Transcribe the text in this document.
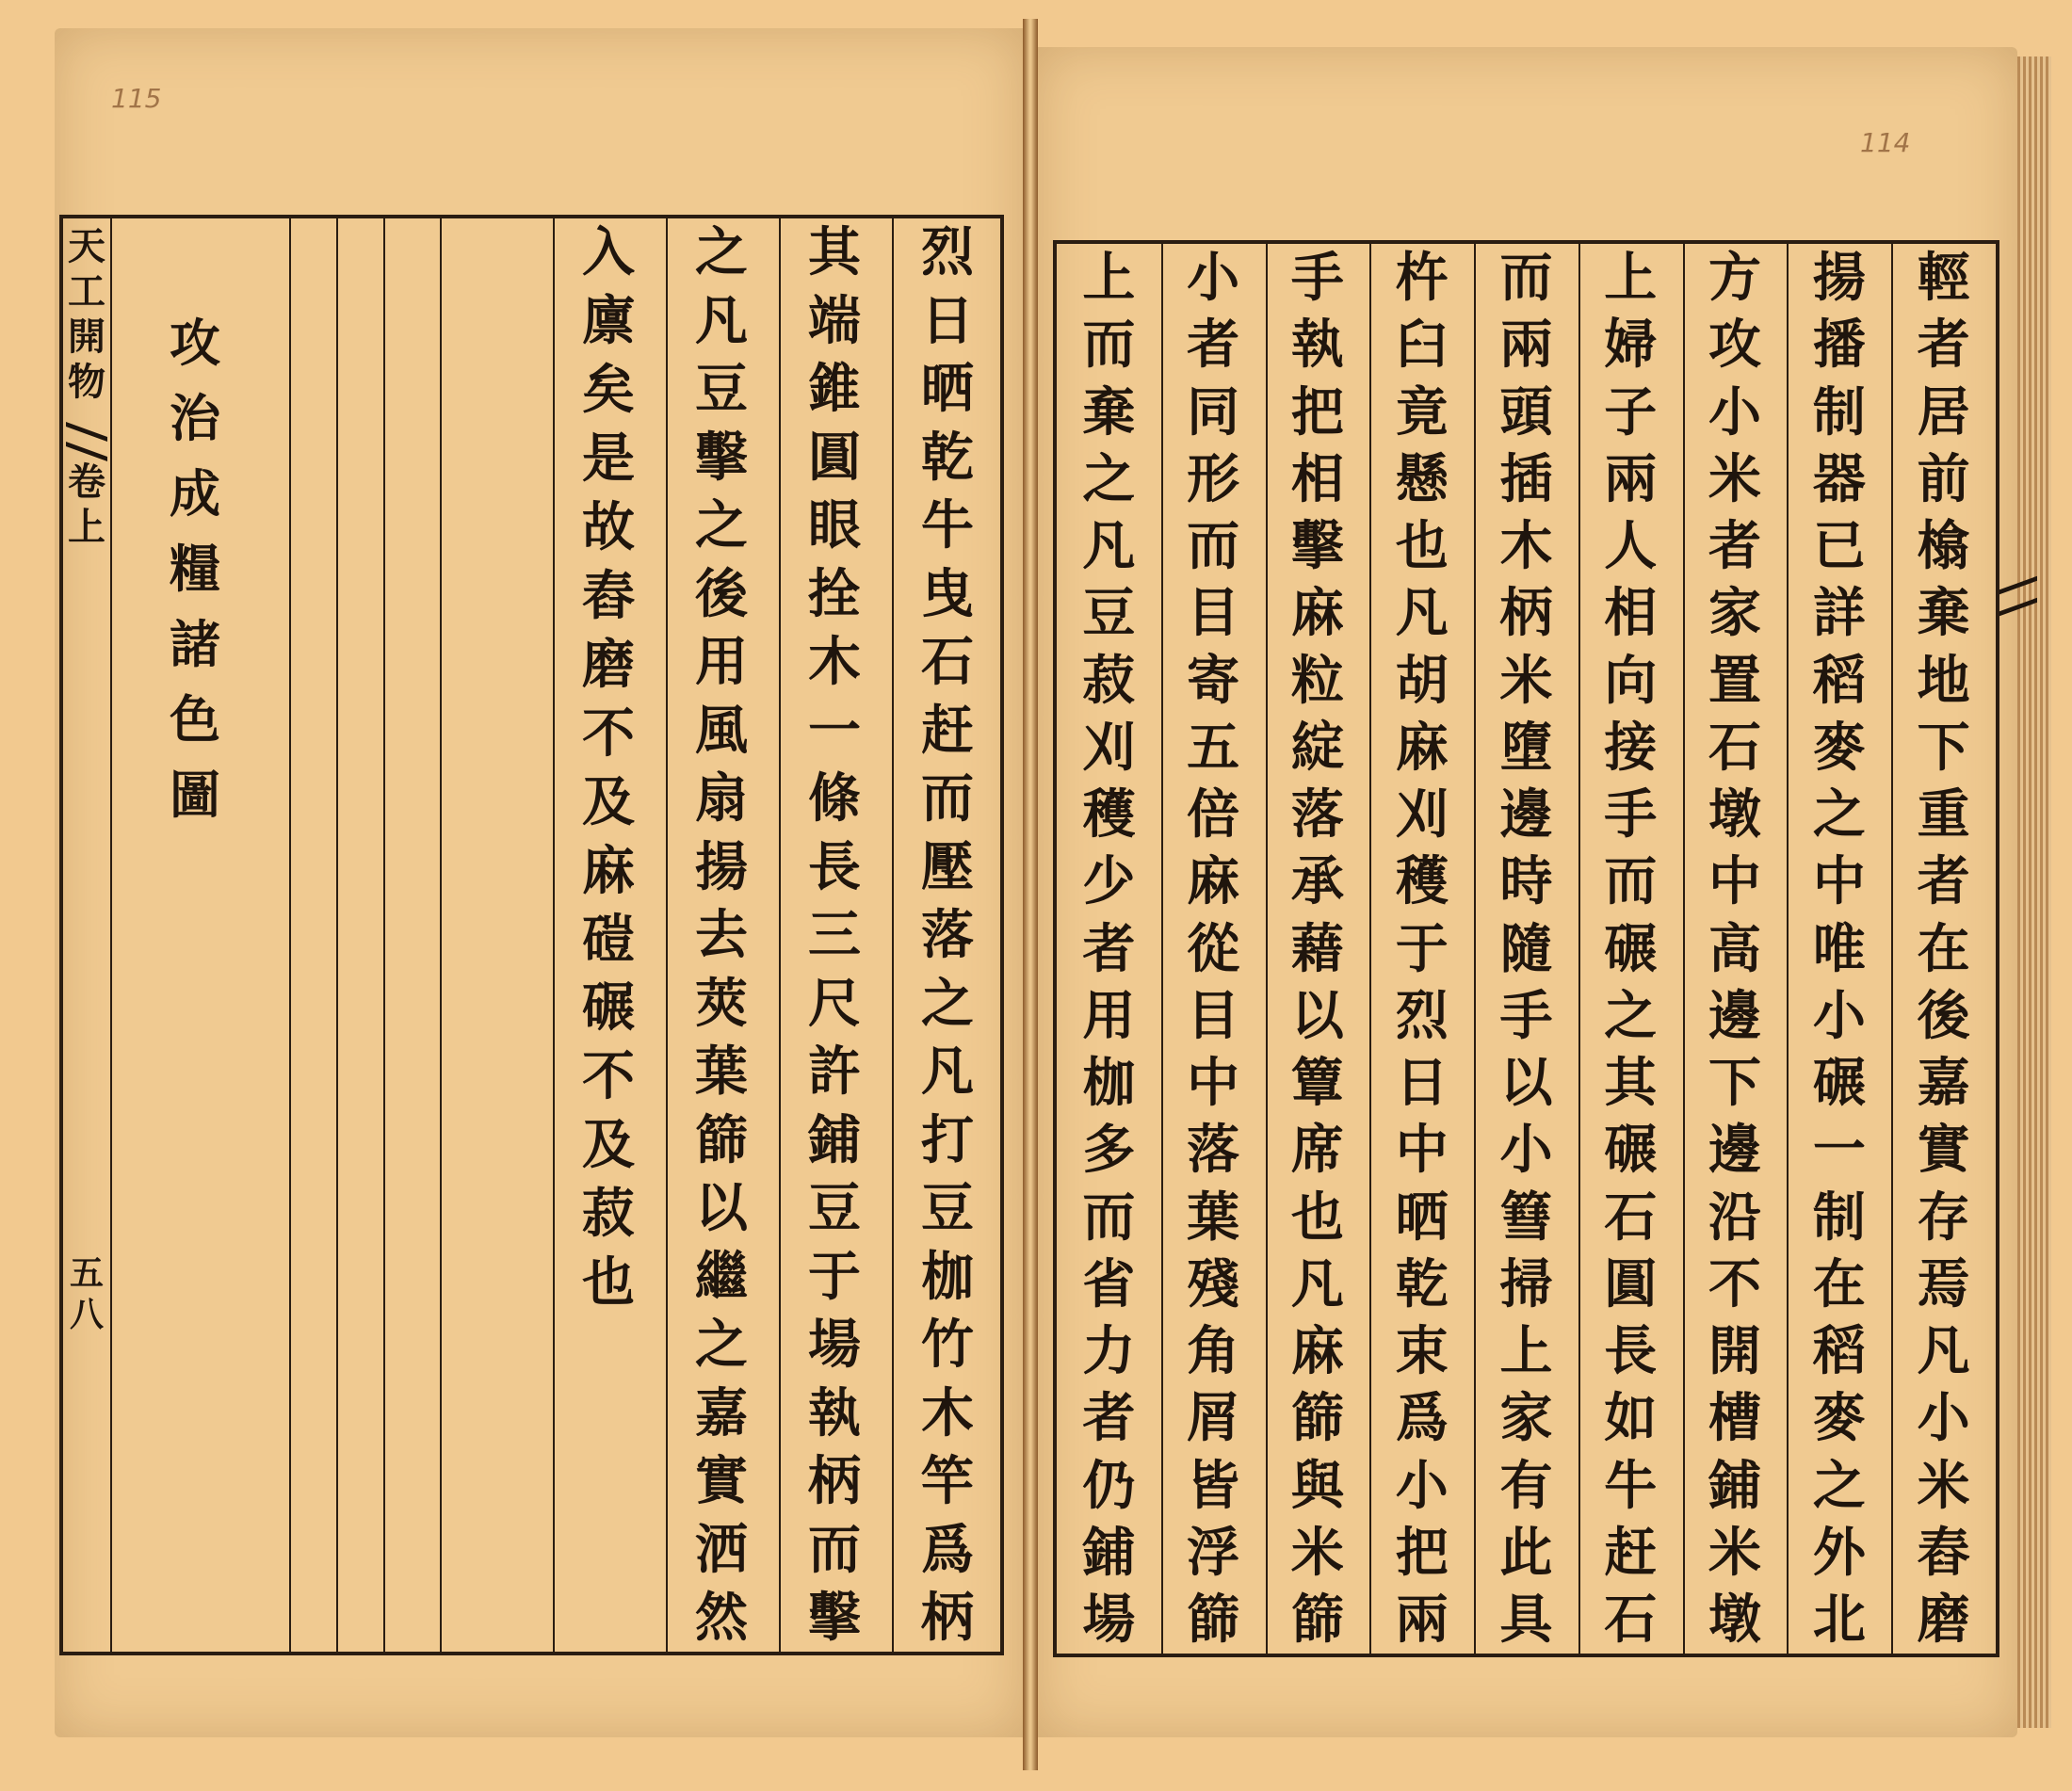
115
114
天
工
開
物
卷
上
五
八
攻
治
成
糧
諸
色
圖
烈
日
晒
乾
牛
曳
石
赶
而
壓
落
之
凡
打
豆
枷
竹
木
竿
爲
柄
其
端
錐
圓
眼
拴
木
一
條
長
三
尺
許
鋪
豆
于
場
執
柄
而
擊
之
凡
豆
擊
之
後
用
風
扇
揚
去
莢
葉
篩
以
繼
之
嘉
實
洒
然
入
廪
矣
是
故
舂
磨
不
及
麻
磑
碾
不
及
菽
也
輕
者
居
前
㯓
棄
地
下
重
者
在
後
嘉
實
存
焉
凡
小
米
舂
磨
揚
播
制
器
已
詳
稻
麥
之
中
唯
小
碾
一
制
在
稻
麥
之
外
北
方
攻
小
米
者
家
置
石
墩
中
高
邊
下
邊
沿
不
開
槽
鋪
米
墩
上
婦
子
兩
人
相
向
接
手
而
碾
之
其
碾
石
圓
長
如
牛
赶
石
而
兩
頭
插
木
柄
米
墮
邊
時
隨
手
以
小
篲
掃
上
家
有
此
具
杵
臼
竟
懸
也
凡
胡
麻
刈
穫
于
烈
日
中
晒
乾
束
爲
小
把
兩
手
執
把
相
擊
麻
粒
綻
落
承
藉
以
簟
席
也
凡
麻
篩
與
米
篩
小
者
同
形
而
目
寄
五
倍
麻
從
目
中
落
葉
殘
角
屑
皆
浮
篩
上
而
棄
之
凡
豆
菽
刈
穫
少
者
用
枷
多
而
省
力
者
仍
鋪
場
